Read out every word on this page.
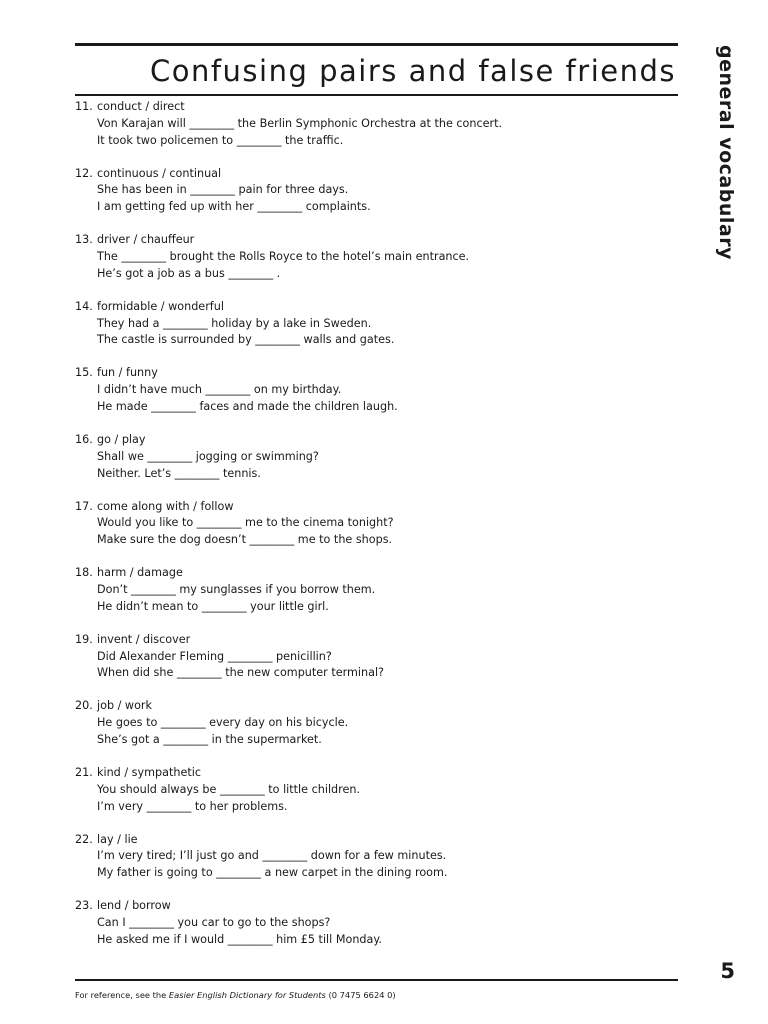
Confusing pairs and false friends general vocabulary
11. conduct / direct
Von Karajan will ________ the Berlin Symphonic Orchestra at the concert.
It took two policemen to ________ the traffic.
12. continuous / continual
She has been in ________ pain for three days.
I am getting fed up with her ________ complaints.
13. driver / chauffeur
The ________ brought the Rolls Royce to the hotel’s main entrance.
He’s got a job as a bus ________ .
14. formidable / wonderful
They had a ________ holiday by a lake in Sweden.
The castle is surrounded by ________ walls and gates.
15. fun / funny
I didn’t have much ________ on my birthday.
He made ________ faces and made the children laugh.
16. go / play
Shall we ________ jogging or swimming?
Neither. Let’s ________ tennis.
17. come along with / follow
Would you like to ________ me to the cinema tonight?
Make sure the dog doesn’t ________ me to the shops.
18. harm / damage
Don’t ________ my sunglasses if you borrow them.
He didn’t mean to ________ your little girl.
19. invent / discover
Did Alexander Fleming ________ penicillin?
When did she ________ the new computer terminal?
20. job / work
He goes to ________ every day on his bicycle.
She’s got a ________ in the supermarket.
21. kind / sympathetic
You should always be ________ to little children.
I’m very ________ to her problems.
22. lay / lie
I’m very tired; I’ll just go and ________ down for a few minutes.
My father is going to ________ a new carpet in the dining room.
23. lend / borrow
Can I ________ you car to go to the shops?
He asked me if I would ________ him £5 till Monday.
5
For reference, see the Easier English Dictionary for Students (0 7475 6624 0)
